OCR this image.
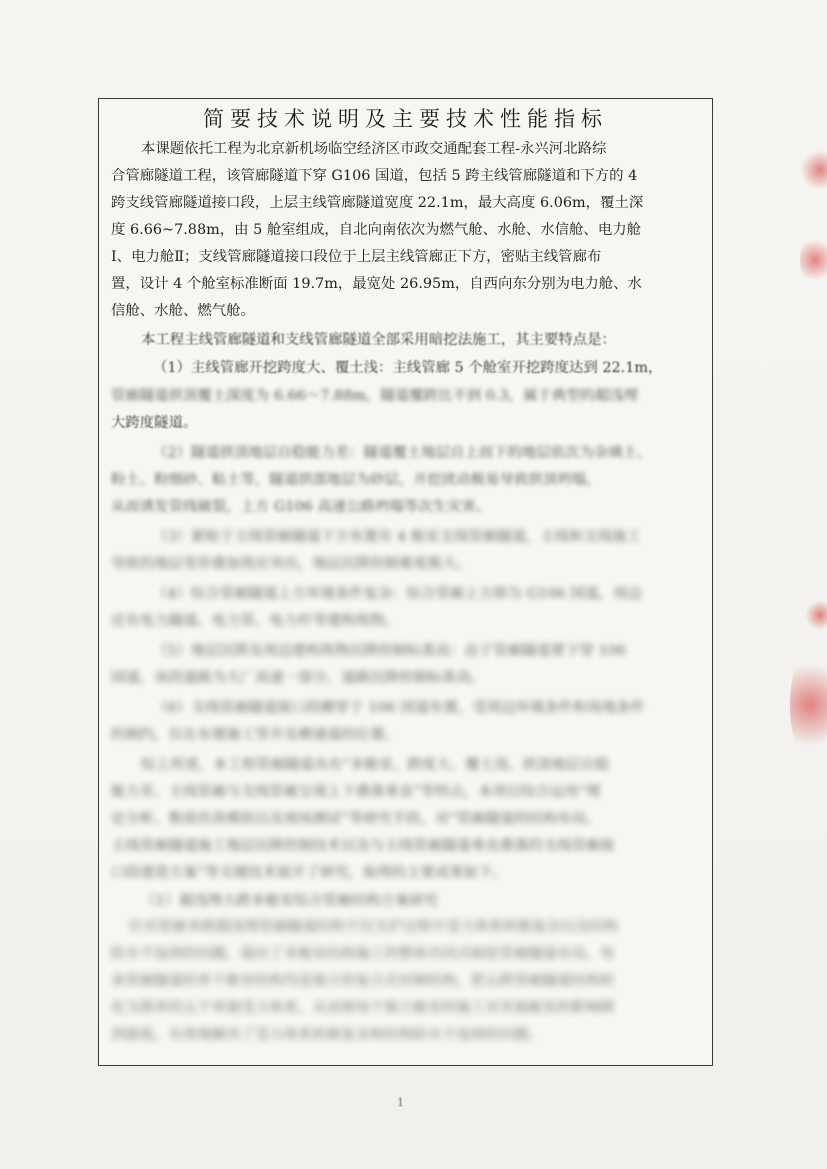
简要技术说明及主要技术性能指标
本课题依托工程为北京新机场临空经济区市政交通配套工程-永兴河北路综
合管廊隧道工程，该管廊隧道下穿 G106 国道，包括 5 跨主线管廊隧道和下方的 4
跨支线管廊隧道接口段，上层主线管廊隧道宽度 22.1m，最大高度 6.06m，覆土深
度 6.66~7.88m，由 5 舱室组成，自北向南依次为燃气舱、水舱、水信舱、电力舱
Ⅰ、电力舱Ⅱ；支线管廊隧道接口段位于上层主线管廊正下方，密贴主线管廊布
置，设计 4 个舱室标准断面 19.7m，最宽处 26.95m，自西向东分别为电力舱、水
信舱、水舱、燃气舱。
本工程主线管廊隧道和支线管廊隧道全部采用暗挖法施工，其主要特点是：
（1）主线管廊开挖跨度大、覆土浅：主线管廊 5 个舱室开挖跨度达到 22.1m，
管廊隧道拱顶覆土深度为 6.66～7.88m，隧道覆跨比不到 0.3，属于典型的超浅埋
大跨度隧道。
（2）隧道拱顶地层自稳能力差：隧道覆土地层自上而下的地层依次为杂填土、
粉土、粉细砂、粘土等，隧道拱部地层为砂层，开挖扰动极易导致拱顶坍塌，
从而诱发管线破裂，上方 G106 高速公路坍塌等次生灾害。
（3）紧贴于主线管廊隧道下方布置有 4 舱室支线管廊隧道，主线和支线施工
导致的地层变形叠加效应突出，地层沉降控制难度极大。
（4）综合管廊隧道上方环境条件复杂：综合管廊上方即为 G106 国道，周边
还有电力隧道、电力管、电力杆等建构筑物。
（5）地层沉降及周边建构筑物沉降控制标准高：由于管廊隧道要下穿 106
国道，该段道路为大厂高速一部分，道路沉降控制标准高。
（6）支线管廊隧道接口段横穿于 106 国道布置，受周边环境条件和场地条件
的制约，仅在布置施工竖井及横通道的位置。
综上所述，本工程管廊隧道具有“多舱室、跨度大、覆土浅、拱顶地层自稳
能力差、主线管廊与支线管廊呈现上下叠落垂直”等特点，本项目综合运用“理
论分析、数值仿真模拟以及现场测试”等研究手段，对“管廊隧道的结构布局、
主线管廊隧道施工地层沉降控制技术以及与主线管廊隧道垂直叠落的支线管廊接
口段建造方案”等关键技术展开了研究，取得的主要成果如下。
（1）超浅埋大跨多舱室综合管廊结构方案研究
针对管廊多跨超浅埋管廊隧道结构不仅支护过程中受力体系转换复杂以及结构
防水不连续的问题，提出了多舱室结构施工的整体共同式暗挖管廊隧道布局，每
条管廊隧道的单个舱室结构均是独立的复合式衬砌结构，把五跨管廊隧道结构转
化为简单的五个单独受力体系，从而使每个独立舱室的施工对其他舱室的影响降
到最低，有效地解决了受力体系转换复杂和结构防水不连续的问题。
1
